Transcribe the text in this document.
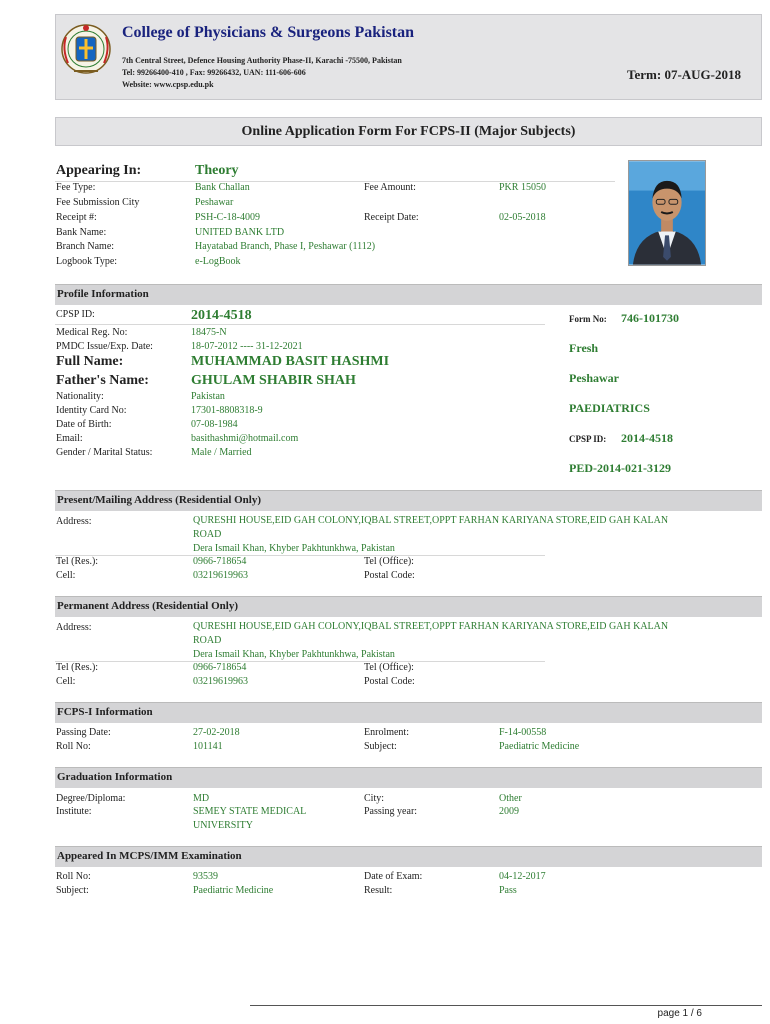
College of Physicians & Surgeons Pakistan
7th Central Street, Defence Housing Authority Phase-II, Karachi -75500, Pakistan
Tel: 99266400-410 , Fax: 99266432, UAN: 111-606-606
Website: www.cpsp.edu.pk
Term: 07-AUG-2018
Online Application Form For FCPS-II (Major Subjects)
Appearing In:	Theory
Fee Type:	Bank Challan	Fee Amount:	PKR 15050
Fee Submission City	Peshawar
Receipt #:	PSH-C-18-4009	Receipt Date:	02-05-2018
Bank Name:	UNITED BANK LTD
Branch Name:	Hayatabad Branch, Phase I, Peshawar (1112)
Logbook Type:	e-LogBook
Profile Information
CPSP ID:	2014-4518	Form No: 746-101730
Medical Reg. No:	18475-N
PMDC Issue/Exp. Date:	18-07-2012 ---- 31-12-2021	Fresh
Full Name:	MUHAMMAD BASIT HASHMI
Father's Name:	GHULAM SHABIR SHAH	Peshawar
Nationality:	Pakistan
Identity Card No:	17301-8808318-9	PAEDIATRICS
Date of Birth:	07-08-1984
Email:	basithashmi@hotmail.com	CPSP ID: 2014-4518
Gender / Marital Status:	Male / Married
PED-2014-021-3129
Present/Mailing Address (Residential Only)
Address:	QURESHI HOUSE,EID GAH COLONY,IQBAL STREET,OPPT FARHAN KARIYANA STORE,EID GAH KALAN
ROAD
Dera Ismail Khan, Khyber Pakhtunkhwa, Pakistan
Tel (Res.):	0966-718654	Tel (Office):
Cell:	03219619963	Postal Code:
Permanent Address (Residential Only)
Address:	QURESHI HOUSE,EID GAH COLONY,IQBAL STREET,OPPT FARHAN KARIYANA STORE,EID GAH KALAN
ROAD
Dera Ismail Khan, Khyber Pakhtunkhwa, Pakistan
Tel (Res.):	0966-718654	Tel (Office):
Cell:	03219619963	Postal Code:
FCPS-I Information
Passing Date:	27-02-2018	Enrolment:	F-14-00558
Roll No:	101141	Subject:	Paediatric Medicine
Graduation Information
Degree/Diploma:	MD	City:	Other
Institute:	SEMEY STATE MEDICAL
UNIVERSITY
Passing year:	2009
Appeared In MCPS/IMM Examination
Roll No:	93539	Date of Exam:	04-12-2017
Subject:	Paediatric Medicine	Result:	Pass
page 1 / 6
